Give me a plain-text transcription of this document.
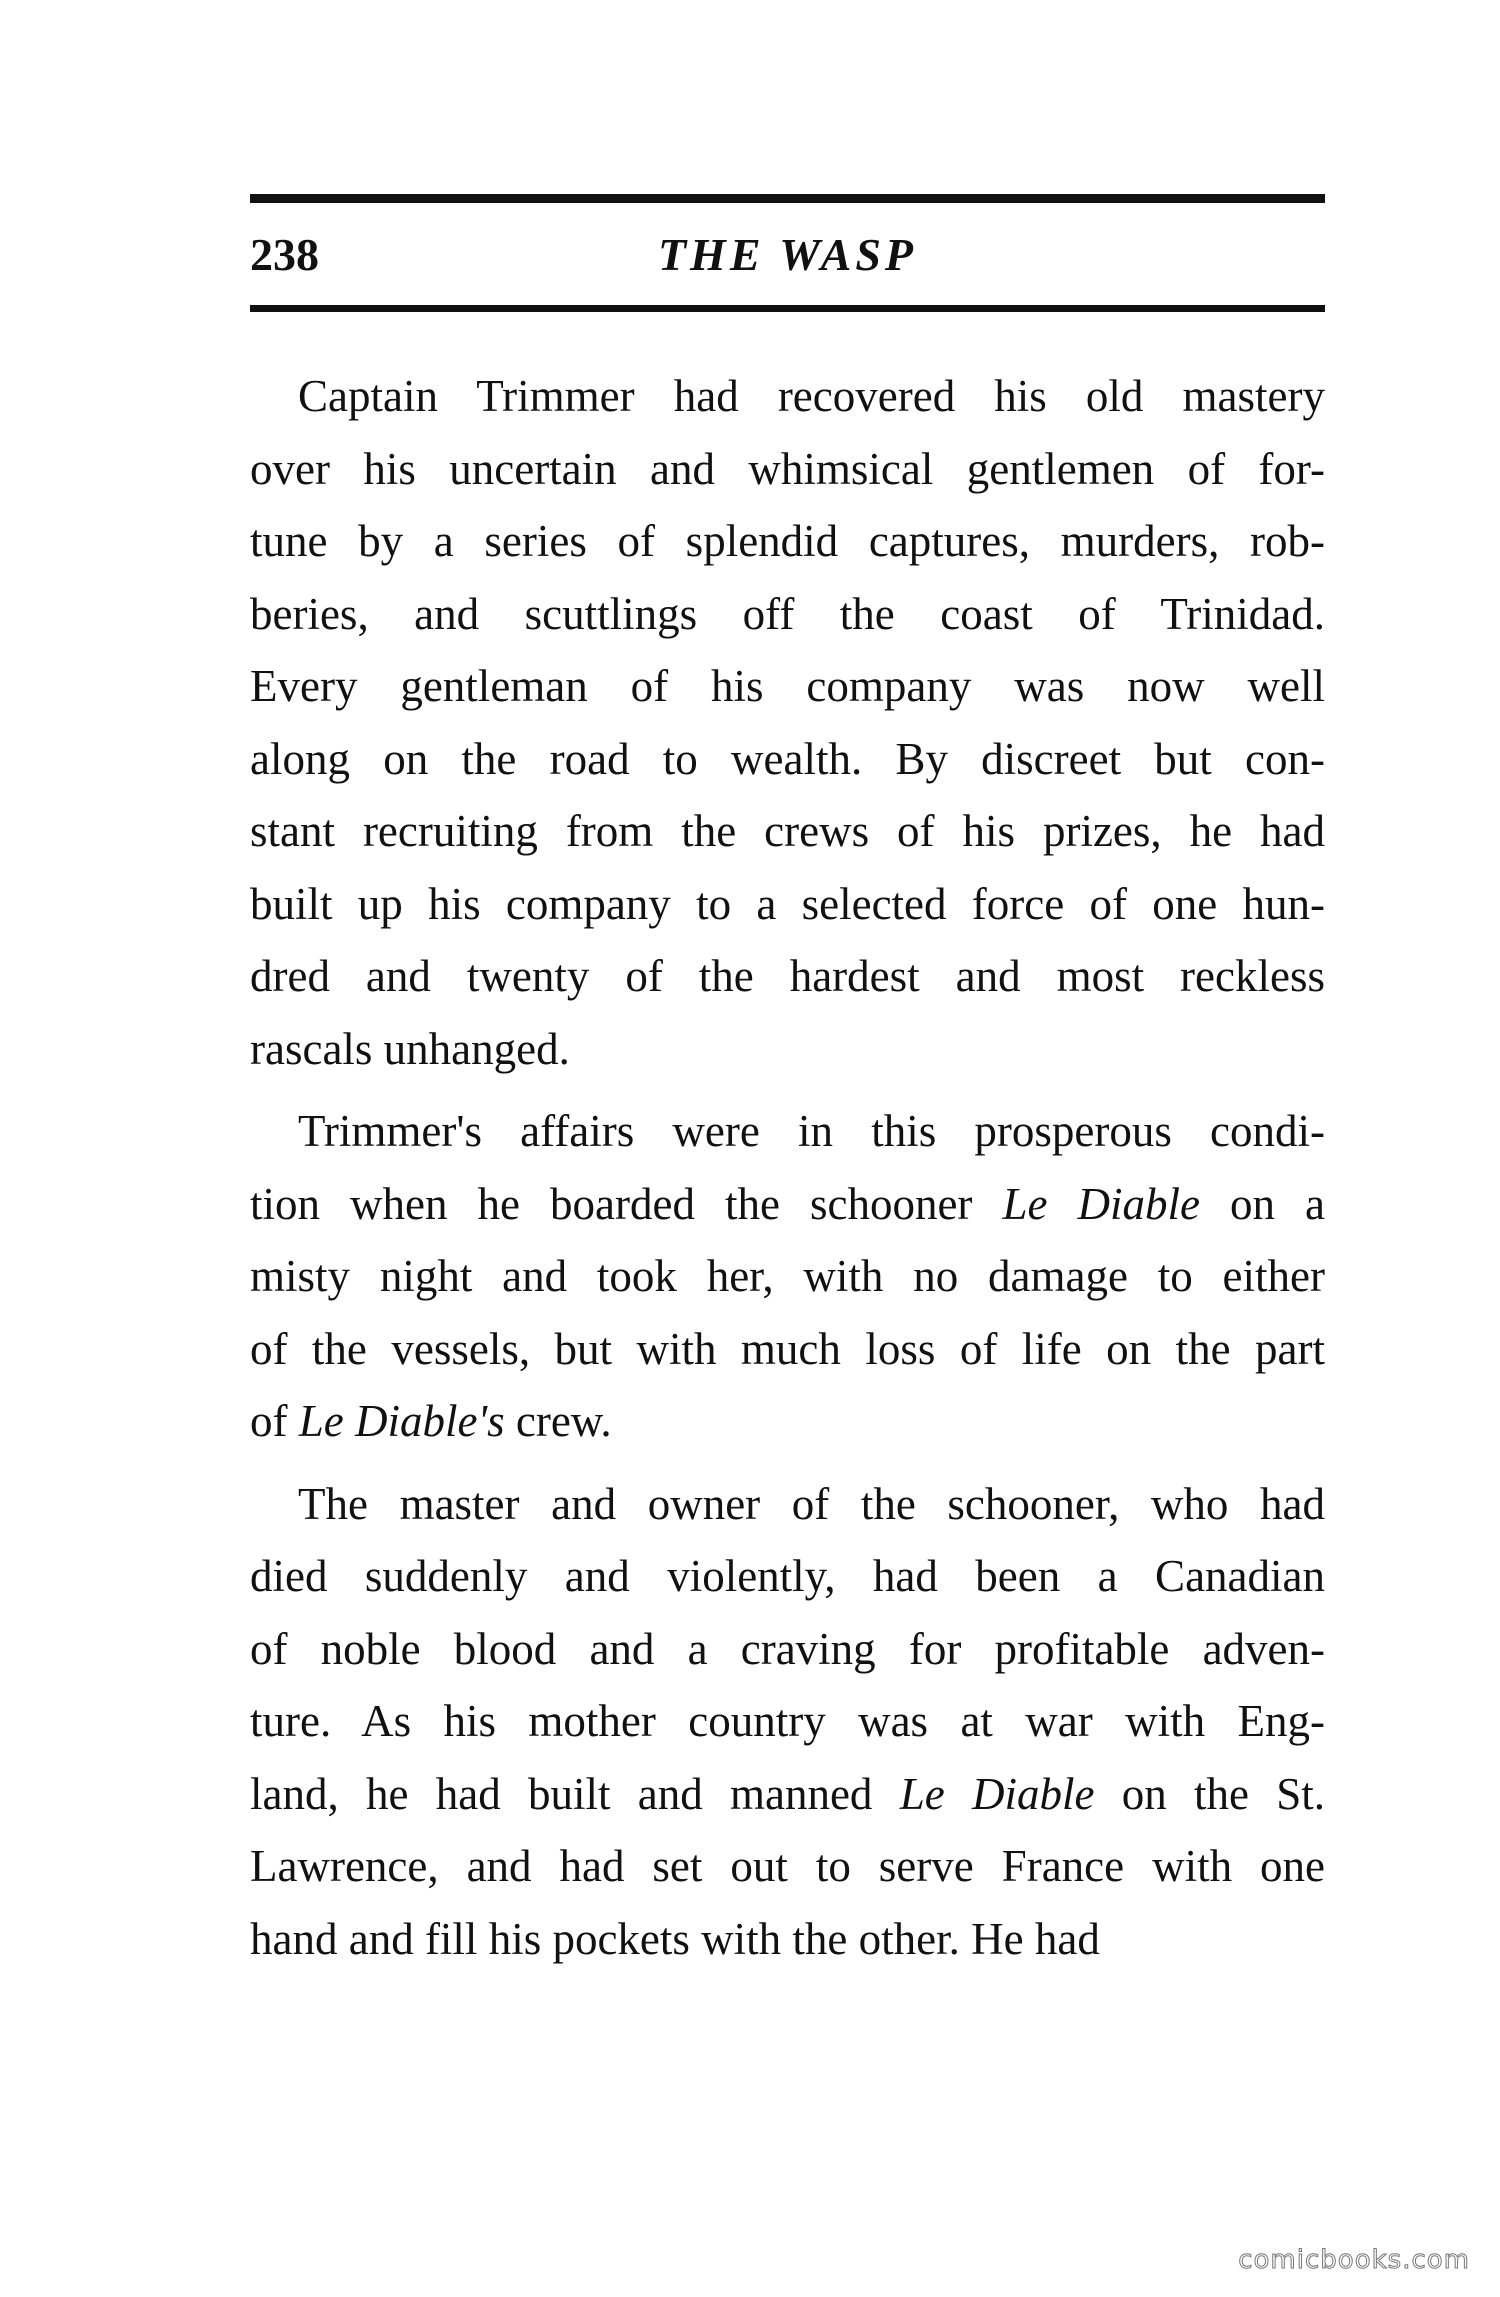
238	THE WASP
Captain Trimmer had recovered his old mastery
over his uncertain and whimsical gentlemen of for-
tune by a series of splendid captures, murders, rob-
beries, and scuttlings off the coast of Trinidad.
Every gentleman of his company was now well
along on the road to wealth. By discreet but con-
stant recruiting from the crews of his prizes, he had
built up his company to a selected force of one hun-
dred and twenty of the hardest and most reckless
rascals unhanged.
Trimmer's affairs were in this prosperous condi-
tion when he boarded the schooner Le Diable on a
misty night and took her, with no damage to either
of the vessels, but with much loss of life on the part
of Le Diable's crew.
The master and owner of the schooner, who had
died suddenly and violently, had been a Canadian
of noble blood and a craving for profitable adven-
ture. As his mother country was at war with Eng-
land, he had built and manned Le Diable on the St.
Lawrence, and had set out to serve France with one
hand and fill his pockets with the other. He had
comicbooks.com
